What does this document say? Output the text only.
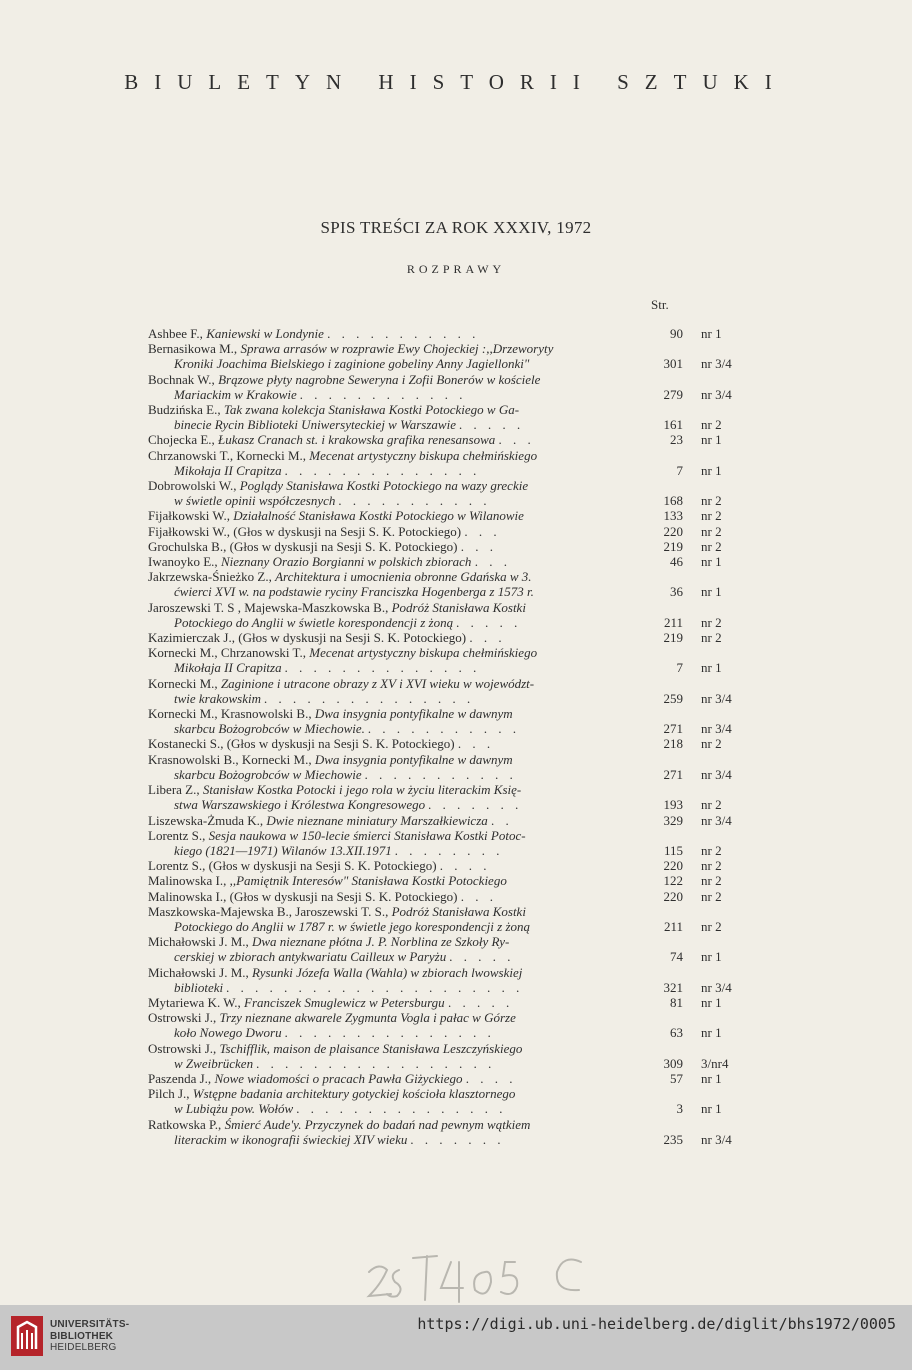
BIULETYN HISTORII SZTUKI
SPIS TREŚCI ZA ROK XXXIV, 1972
ROZPRAWY
Str.
Ashbee F., Kaniewski w Londynie . . . . . . . . . . .	90 nr 1
Bernasikowa M., Sprawa arrasów w rozprawie Ewy Chojeckiej :,,Drzeworyty
Kroniki Joachima Bielskiego i zaginione gobeliny Anny Jagiellonki"	301 nr 3/4
Bochnak W., Brązowe płyty nagrobne Seweryna i Zofii Bonerów w kościele
Mariackim w Krakowie . . . . . . . . . . . .	279 nr 3/4
Budzińska E., Tak zwana kolekcja Stanisława Kostki Potockiego w Ga-
binecie Rycin Biblioteki Uniwersyteckiej w Warszawie . . . . .	161 nr 2
Chojecka E., Łukasz Cranach st. i krakowska grafika renesansowa . . .	23 nr 1
Chrzanowski T., Kornecki M., Mecenat artystyczny biskupa chełmińskiego
Mikołaja II Crapitza . . . . . . . . . . . . . .	7 nr 1
Dobrowolski W., Poglądy Stanisława Kostki Potockiego na wazy greckie
w świetle opinii współczesnych . . . . . . . . . . .	168 nr 2
Fijałkowski W., Działalność Stanisława Kostki Potockiego w Wilanowie	133 nr 2
Fijałkowski W., (Głos w dyskusji na Sesji S. K. Potockiego) . . .	220 nr 2
Grochulska B., (Głos w dyskusji na Sesji S. K. Potockiego) . . .	219 nr 2
Iwanoyko E., Nieznany Orazio Borgianni w polskich zbiorach . . .	46 nr 1
Jakrzewska-Śnieżko Z., Architektura i umocnienia obronne Gdańska w 3.
ćwierci XVI w. na podstawie ryciny Franciszka Hogenberga z 1573 r.	36 nr 1
Jaroszewski T. S , Majewska-Maszkowska B., Podróż Stanisława Kostki
Potockiego do Anglii w świetle korespondencji z żoną . . . . .	211 nr 2
Kazimierczak J., (Głos w dyskusji na Sesji S. K. Potockiego) . . .	219 nr 2
Kornecki M., Chrzanowski T., Mecenat artystyczny biskupa chełmińskiego
Mikołaja II Crapitza . . . . . . . . . . . . . .	7 nr 1
Kornecki M., Zaginione i utracone obrazy z XV i XVI wieku w województ-
twie krakowskim . . . . . . . . . . . . . . .	259 nr 3/4
Kornecki M., Krasnowolski B., Dwa insygnia pontyfikalne w dawnym
skarbcu Bożogrobców w Miechowie. . . . . . . . . . . .	271 nr 3/4
Kostanecki S., (Głos w dyskusji na Sesji S. K. Potockiego) . . .	218 nr 2
Krasnowolski B., Kornecki M., Dwa insygnia pontyfikalne w dawnym
skarbcu Bożogrobców w Miechowie . . . . . . . . . . .	271 nr 3/4
Libera Z., Stanisław Kostka Potocki i jego rola w życiu literackim Księ-
stwa Warszawskiego i Królestwa Kongresowego . . . . . . .	193 nr 2
Liszewska-Żmuda K., Dwie nieznane miniatury Marszałkiewicza . .	329 nr 3/4
Lorentz S., Sesja naukowa w 150-lecie śmierci Stanisława Kostki Potoc-
kiego (1821—1971) Wilanów 13.XII.1971 . . . . . . . .	115 nr 2
Lorentz S., (Głos w dyskusji na Sesji S. K. Potockiego) . . . .	220 nr 2
Malinowska I., ,,Pamiętnik Interesów" Stanisława Kostki Potockiego	122 nr 2
Malinowska I., (Głos w dyskusji na Sesji S. K. Potockiego) . . .	220 nr 2
Maszkowska-Majewska B., Jaroszewski T. S., Podróż Stanisława Kostki
Potockiego do Anglii w 1787 r. w świetle jego korespondencji z żoną	211 nr 2
Michałowski J. M., Dwa nieznane płótna J. P. Norblina ze Szkoły Ry-
cerskiej w zbiorach antykwariatu Cailleux w Paryżu . . . . .	74 nr 1
Michałowski J. M., Rysunki Józefa Walla (Wahla) w zbiorach lwowskiej
biblioteki . . . . . . . . . . . . . . . . . . . . .	321 nr 3/4
Mytariewa K. W., Franciszek Smuglewicz w Petersburgu . . . . .	81 nr 1
Ostrowski J., Trzy nieznane akwarele Zygmunta Vogla i pałac w Górze
koło Nowego Dworu . . . . . . . . . . . . . . .	63 nr 1
Ostrowski J., Tschifflik, maison de plaisance Stanisława Leszczyńskiego
w Zweibrücken . . . . . . . . . . . . . . . . .	309 3/nr4
Paszenda J., Nowe wiadomości o pracach Pawła Giżyckiego . . . .	57 nr 1
Pilch J., Wstępne badania architektury gotyckiej kościoła klasztornego
w Lubiążu pow. Wołów . . . . . . . . . . . . . . .	3 nr 1
Ratkowska P., Śmierć Aude'y. Przyczynek do badań nad pewnym wątkiem
literackim w ikonografii świeckiej XIV wieku . . . . . . .	235 nr 3/4
UNIVERSITÄTS-
BIBLIOTHEK
HEIDELBERG
https://digi.ub.uni-heidelberg.de/diglit/bhs1972/0005
